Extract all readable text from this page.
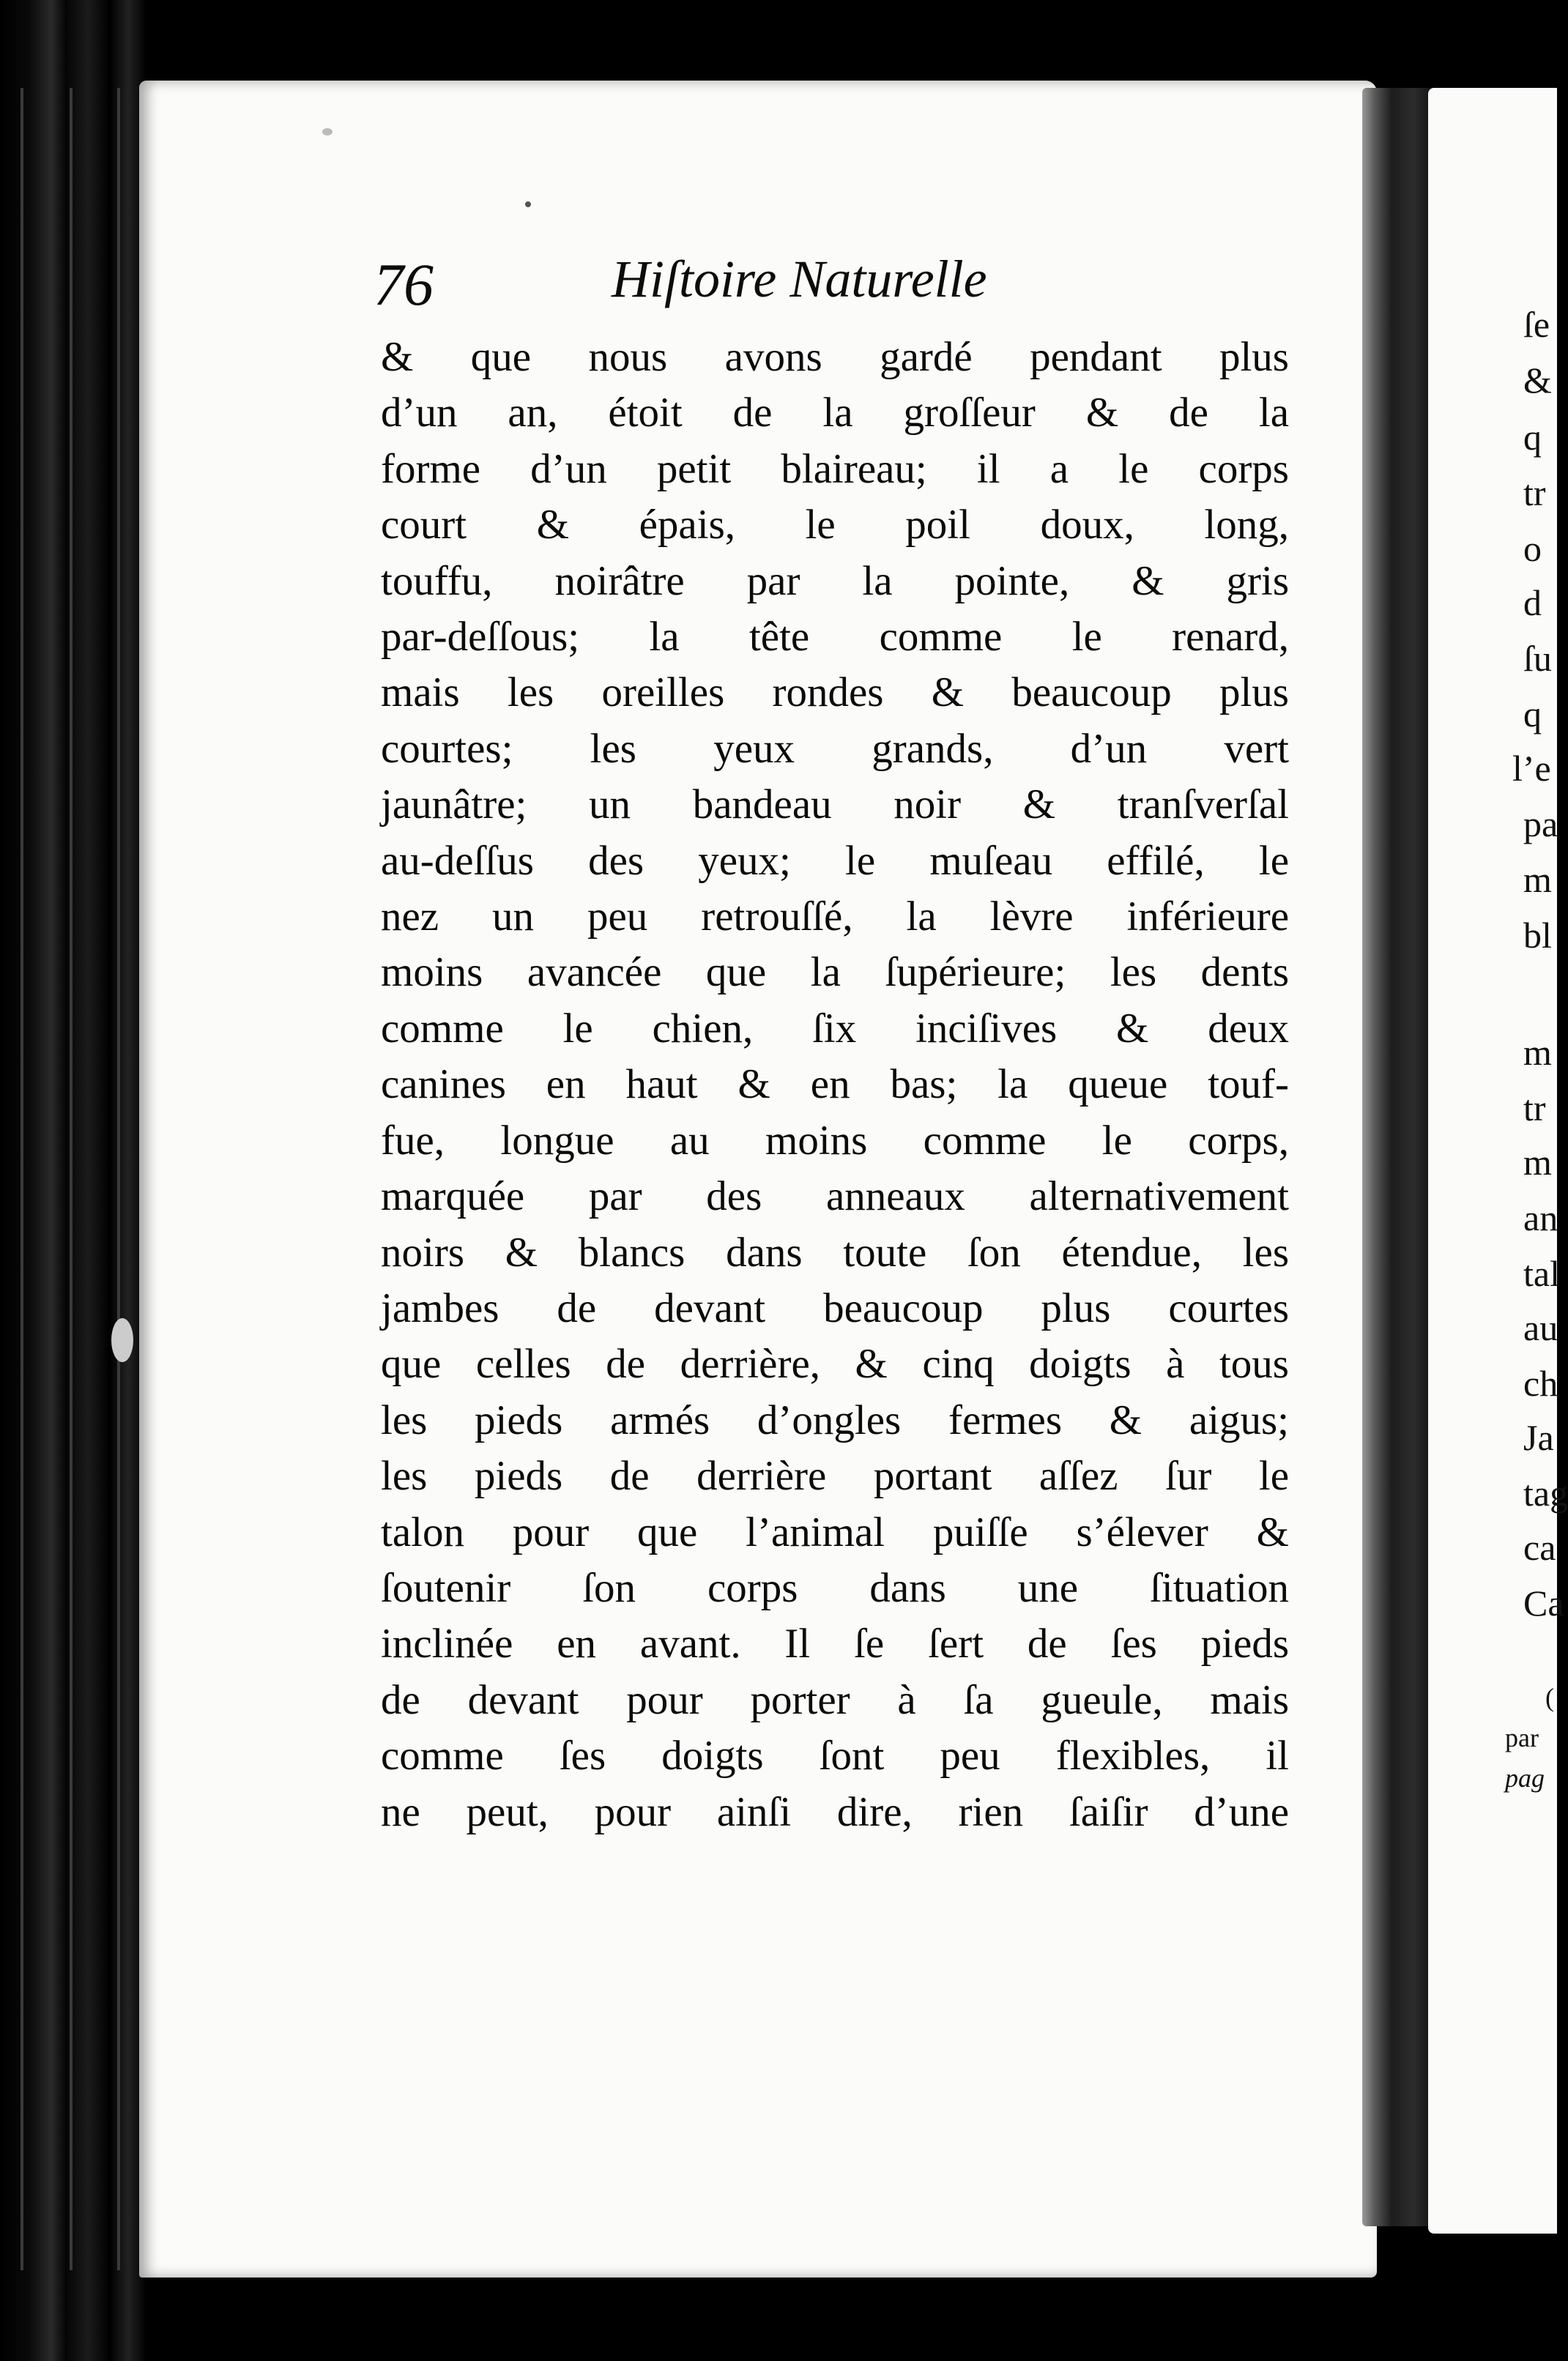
76	Hiſtoire Naturelle
& que nous avons gardé pendant plus
d’un an, étoit de la groſſeur & de la
forme d’un petit blaireau; il a le corps
court & épais, le poil doux, long,
touffu, noirâtre par la pointe, & gris
par-deſſous; la tête comme le renard,
mais les oreilles rondes & beaucoup plus
courtes; les yeux grands, d’un vert
jaunâtre; un bandeau noir & tranſverſal
au-deſſus des yeux; le muſeau effilé, le
nez un peu retrouſſé, la lèvre inférieure
moins avancée que la ſupérieure; les dents
comme le chien, ſix inciſives & deux
canines en haut & en bas; la queue touf-
fue, longue au moins comme le corps,
marquée par des anneaux alternativement
noirs & blancs dans toute ſon étendue, les
jambes de devant beaucoup plus courtes
que celles de derrière, & cinq doigts à tous
les pieds armés d’ongles fermes & aigus;
les pieds de derrière portant aſſez ſur le
talon pour que l’animal puiſſe s’élever &
ſoutenir ſon corps dans une ſituation
inclinée en avant. Il ſe ſert de ſes pieds
de devant pour porter à ſa gueule, mais
comme ſes doigts ſont peu flexibles, il
ne peut, pour ainſi dire, rien ſaiſir d’une
ſe
&
q
tr
o
d
ſu
q
l’e
pa
m
bl
m
tr
m
an
tal
au
ch
Ja
tag
ca
Ca
(
par
pag
